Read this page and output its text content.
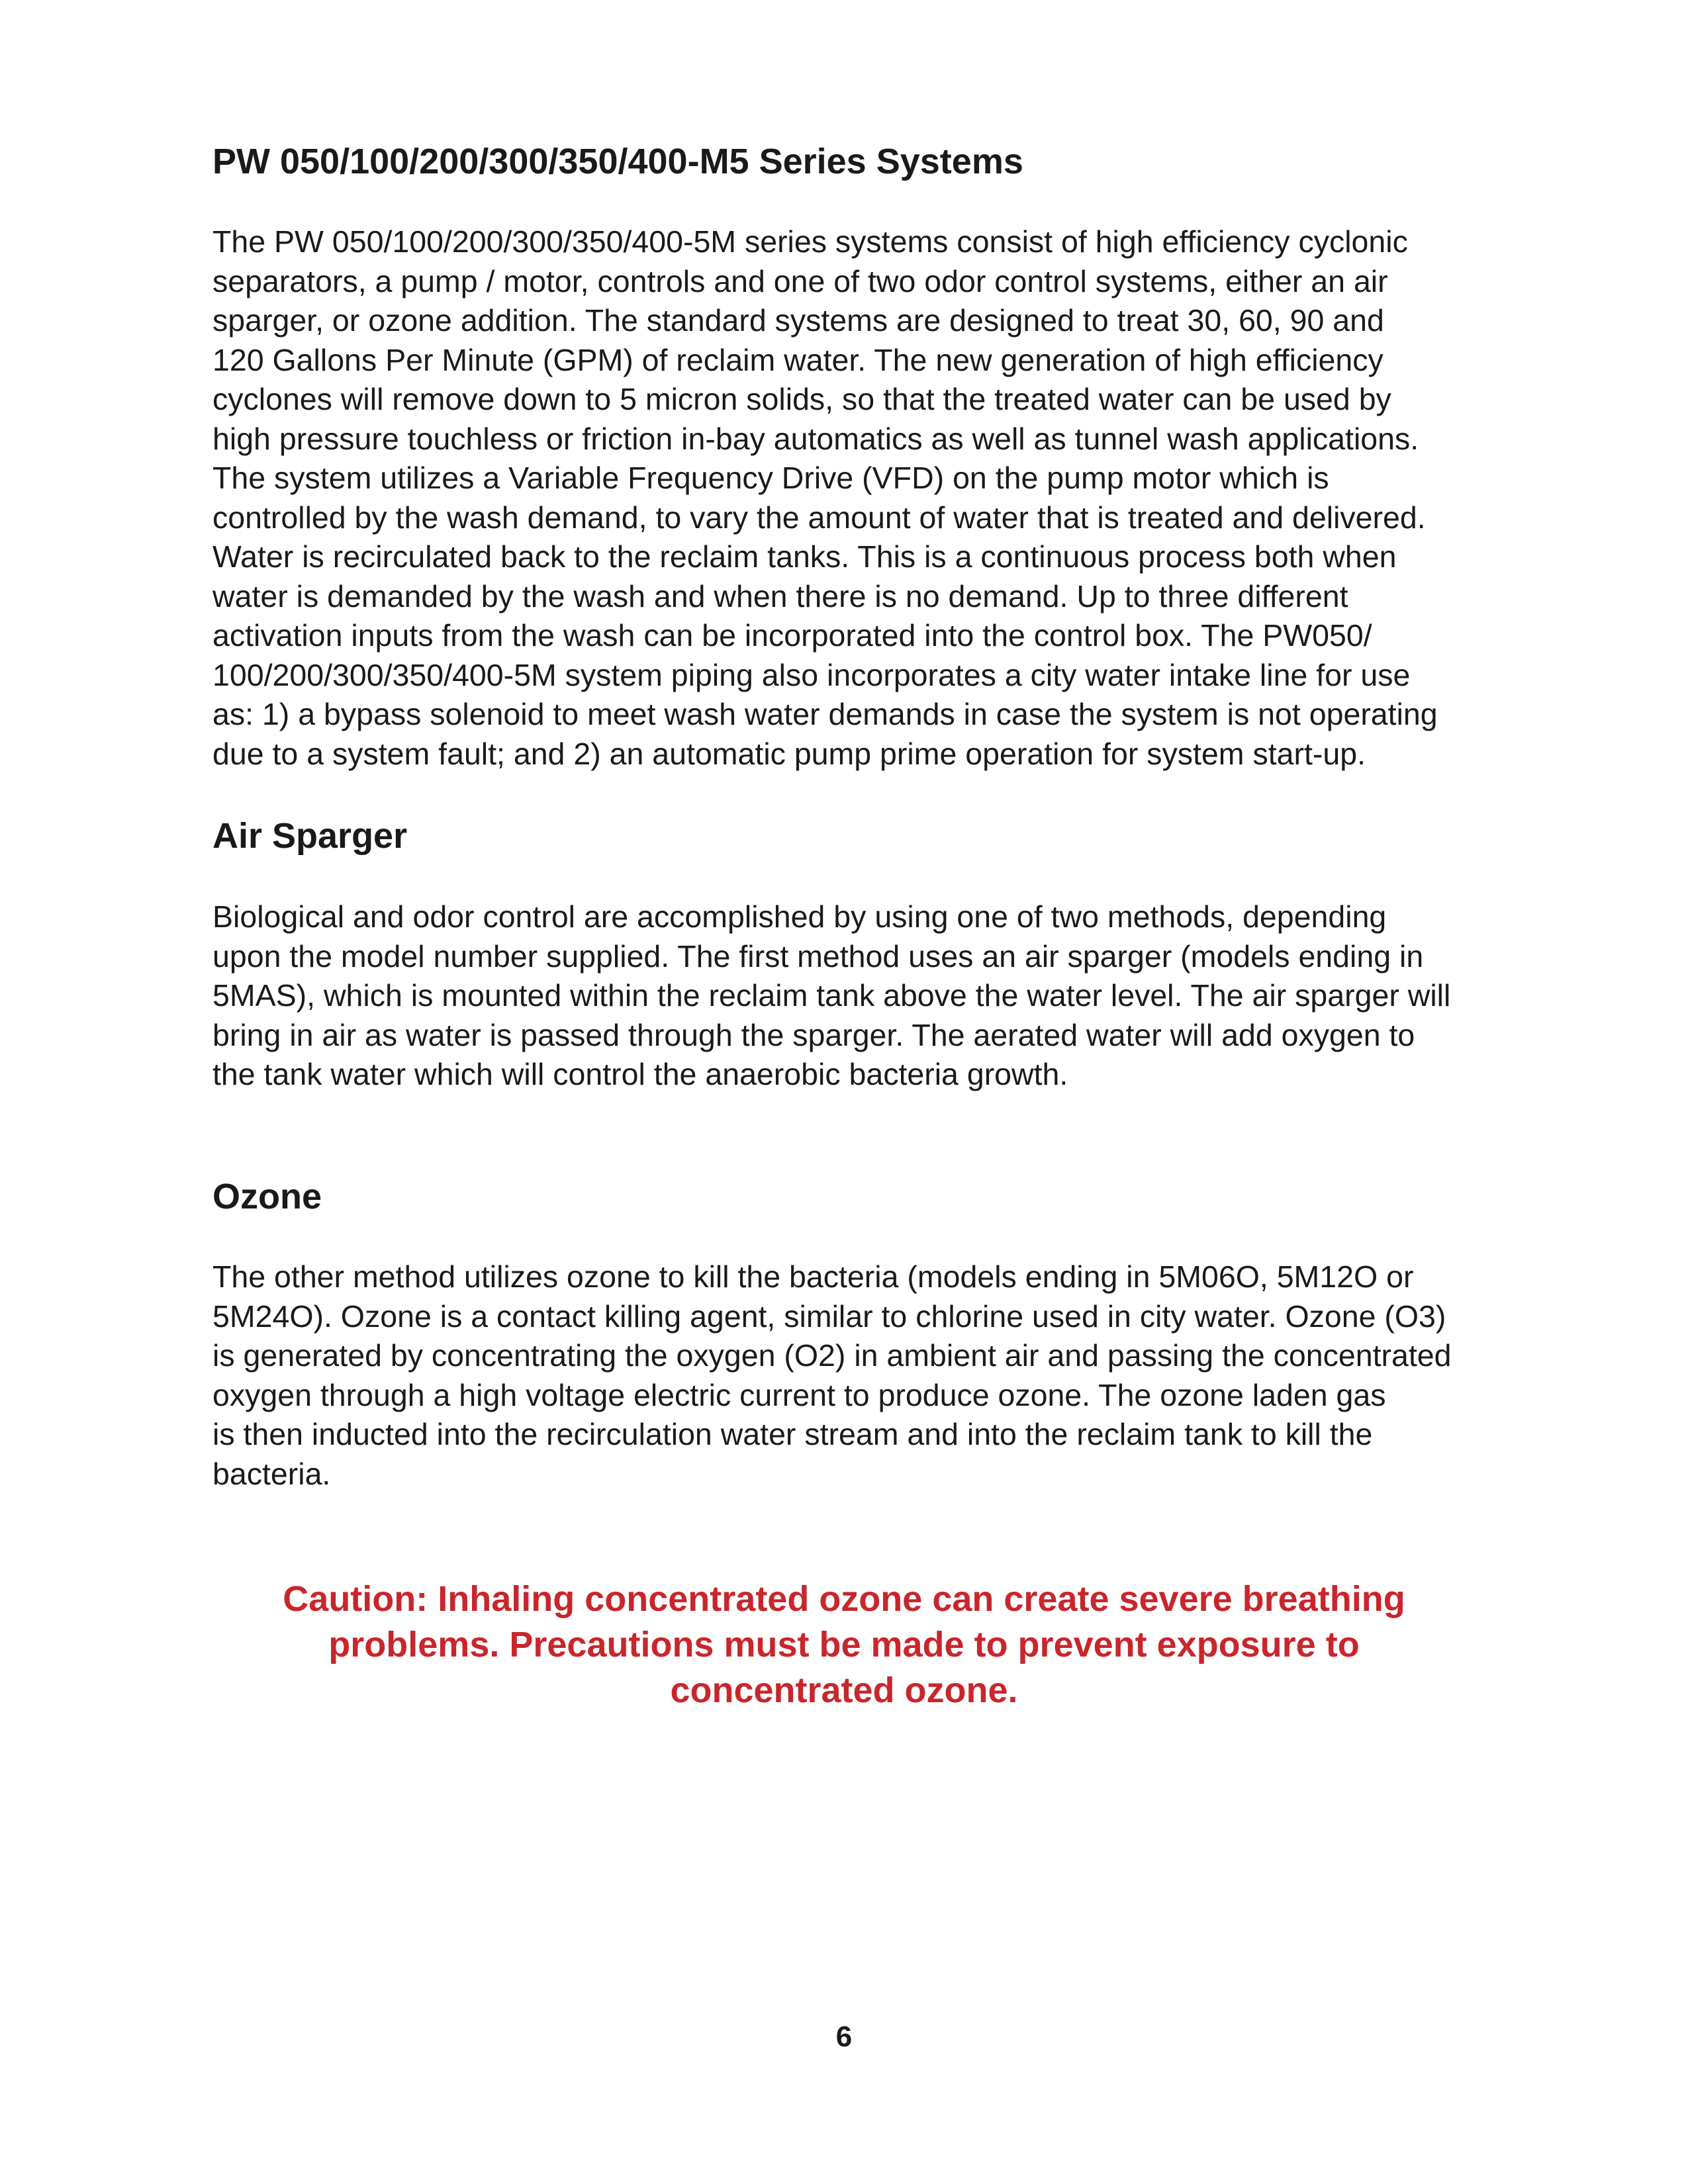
PW 050/100/200/300/350/400-M5 Series Systems
The PW 050/100/200/300/350/400-5M series systems consist of high efficiency cyclonic
separators, a pump / motor, controls and one of two odor control systems, either an air
sparger, or ozone addition. The standard systems are designed to treat 30, 60, 90 and
120 Gallons Per Minute (GPM) of reclaim water. The new generation of high efficiency
cyclones will remove down to 5 micron solids, so that the treated water can be used by
high pressure touchless or friction in-bay automatics as well as tunnel wash applications.
The system utilizes a Variable Frequency Drive (VFD) on the pump motor which is
controlled by the wash demand, to vary the amount of water that is treated and delivered.
Water is recirculated back to the reclaim tanks. This is a continuous process both when
water is demanded by the wash and when there is no demand. Up to three different
activation inputs from the wash can be incorporated into the control box. The PW050/
100/200/300/350/400-5M system piping also incorporates a city water intake line for use
as: 1) a bypass solenoid to meet wash water demands in case the system is not operating
due to a system fault; and 2) an automatic pump prime operation for system start-up.
Air Sparger
Biological and odor control are accomplished by using one of two methods, depending
upon the model number supplied. The first method uses an air sparger (models ending in
5MAS), which is mounted within the reclaim tank above the water level. The air sparger will
bring in air as water is passed through the sparger. The aerated water will add oxygen to
the tank water which will control the anaerobic bacteria growth.
Ozone
The other method utilizes ozone to kill the bacteria (models ending in 5M06O, 5M12O or
5M24O). Ozone is a contact killing agent, similar to chlorine used in city water. Ozone (O3)
is generated by concentrating the oxygen (O2) in ambient air and passing the concentrated
oxygen through a high voltage electric current to produce ozone. The ozone laden gas
is then inducted into the recirculation water stream and into the reclaim tank to kill the
bacteria.
Caution: Inhaling concentrated ozone can create severe breathing
problems. Precautions must be made to prevent exposure to
concentrated ozone.
6
